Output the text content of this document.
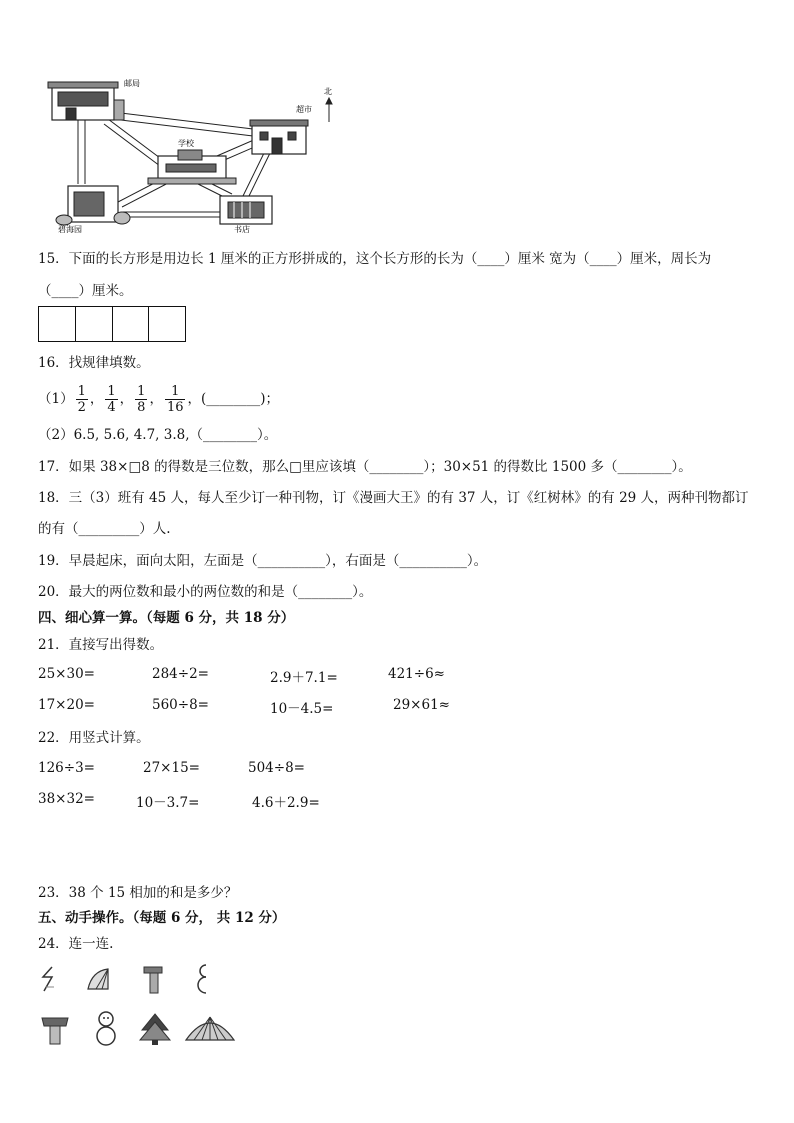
邮局
超市
北
学校
碧海园	书店
15．下面的长方形是用边长 1 厘米的正方形拼成的，这个长方形的长为（____）厘米 宽为（____）厘米，周长为
（____）厘米。
16．找规律填数。
$(1) \frac{1}{2}$ ， $\frac{1}{4}$ ， $\frac{1}{8}$ ， $\frac{1}{16}$ ，(________)；
（2）6.5, 5.6, 4.7, 3.8,（________）。
17．如果 38×□8 的得数是三位数，那么□里应该填（________）；30×51 的得数比 1500 多（________）。
18．三（3）班有 45 人，每人至少订一种刊物，订《漫画大王》的有 37 人，订《红树林》的有 29 人，两种刊物都订
的有（_________）人.
19．早晨起床，面向太阳，左面是（__________），右面是（__________）。
20．最大的两位数和最小的两位数的和是（________）。
四、细心算一算。（每题 6 分，共 18 分）
21．直接写出得数。
25×30=	284÷2=	2.9＋7.1=	421÷6≈
17×20=	560÷8=	10－4.5=	29×61≈
22．用竖式计算。
126÷3=	27×15=	504÷8=
38×32=	10－3.7=	4.6＋2.9=
23．38 个 15 相加的和是多少？
五、动手操作。（每题 6 分， 共 12 分）
24．连一连.
